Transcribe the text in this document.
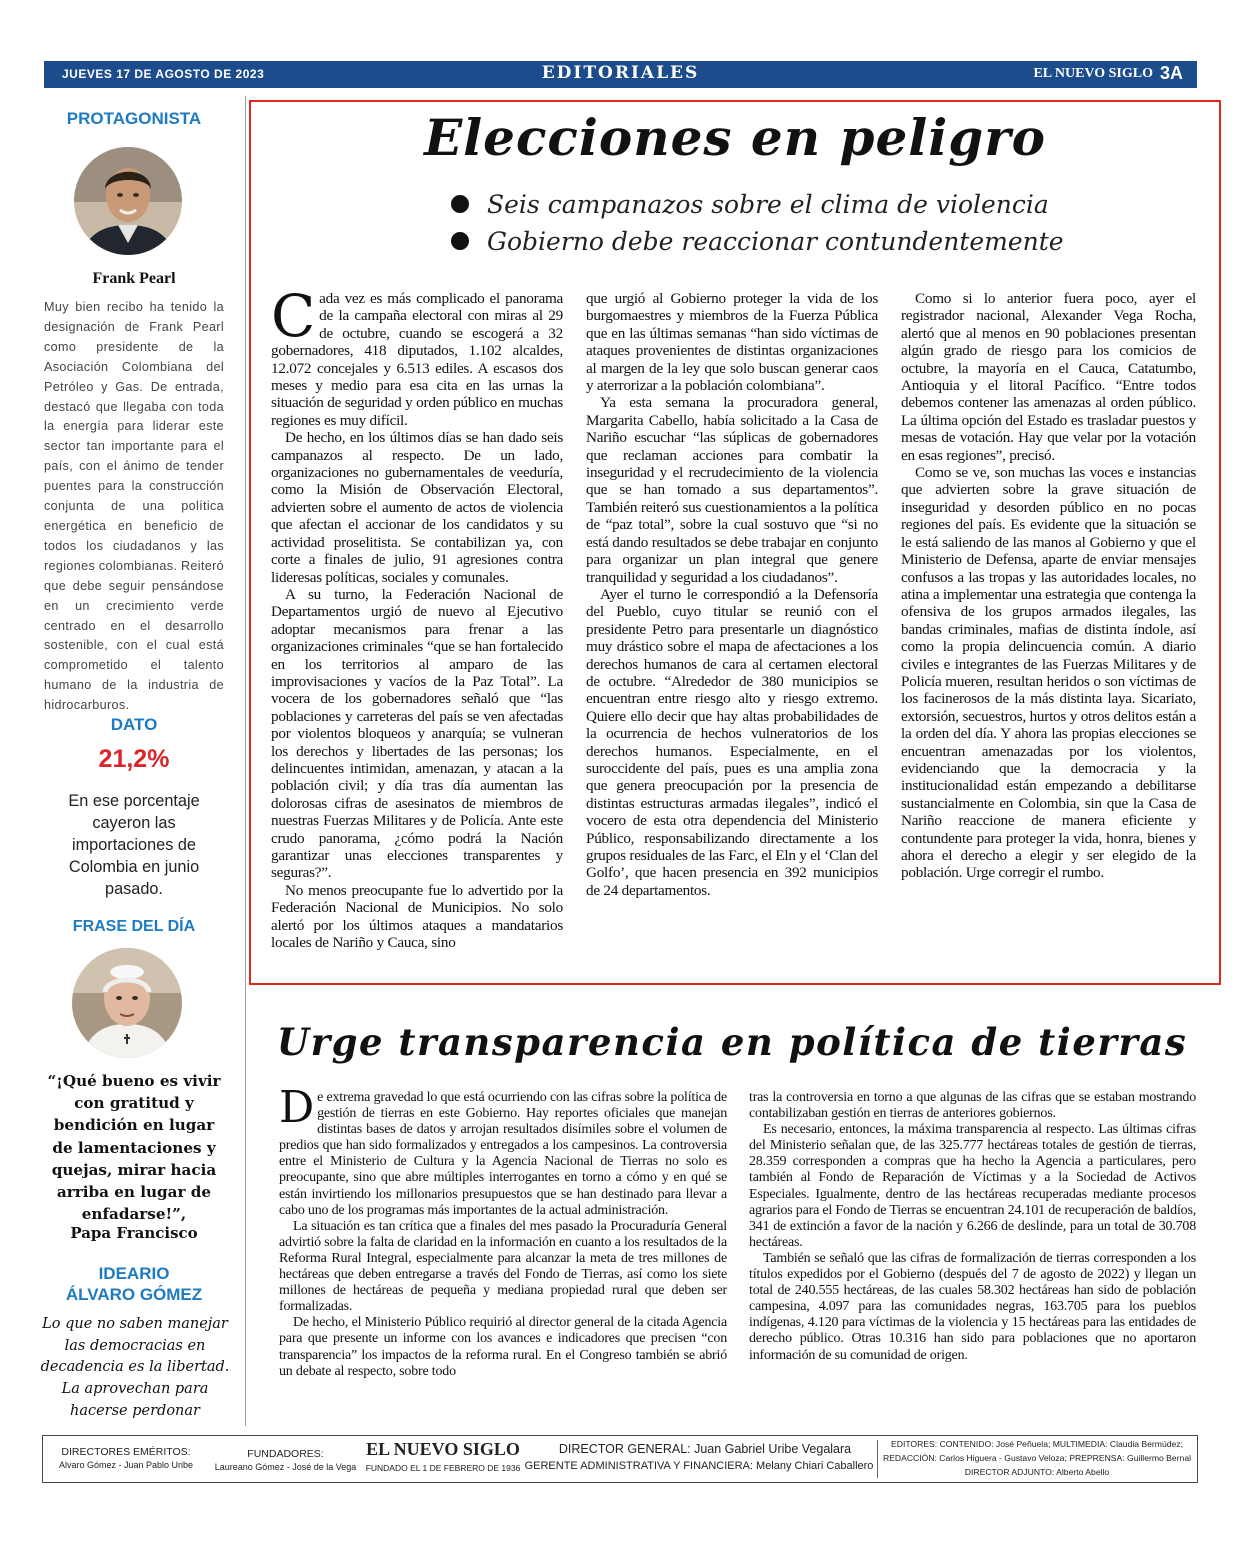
JUEVES 17 DE AGOSTO DE 2023	EDITORIALES	EL NUEVO SIGLO 3A
PROTAGONISTA
Frank Pearl
Muy bien recibo ha tenido la designación de Frank Pearl como presidente de la Asociación Colombiana del Petróleo y Gas. De entrada, destacó que llegaba con toda la energía para liderar este sector tan importante para el país, con el ánimo de tender puentes para la construcción conjunta de una política energética en beneficio de todos los ciudadanos y las regiones colombianas. Reiteró que debe seguir pensándose en un crecimiento verde centrado en el desarrollo sostenible, con el cual está comprometido el talento humano de la industria de hidrocarburos.
DATO
21,2%
En ese porcentaje cayeron las importaciones de Colombia en junio pasado.
FRASE DEL DÍA
“¡Qué bueno es vivir con gratitud y bendición en lugar de lamentaciones y quejas, mirar hacia arriba en lugar de enfadarse!”,
Papa Francisco
IDEARIO
ÁLVARO GÓMEZ
Lo que no saben manejar las democracias en decadencia es la libertad. La aprovechan para hacerse perdonar
Elecciones en peligro
Seis campanazos sobre el clima de violencia
Gobierno debe reaccionar contundentemente

Cada vez es más complicado el panorama de la campaña electoral con miras al 29 de octubre, cuando se escogerá a 32 gobernadores, 418 diputados, 1.102 alcaldes, 12.072 concejales y 6.513 ediles. A escasos dos meses y medio para esa cita en las urnas la situación de seguridad y orden público en muchas regiones es muy difícil.

De hecho, en los últimos días se han dado seis campanazos al respecto. De un lado, organizaciones no gubernamentales de veeduría, como la Misión de Observación Electoral, advierten sobre el aumento de actos de violencia que afectan el accionar de los candidatos y su actividad proselitista. Se contabilizan ya, con corte a finales de julio, 91 agresiones contra lideresas políticas, sociales y comunales.

A su turno, la Federación Nacional de Departamentos urgió de nuevo al Ejecutivo adoptar mecanismos para frenar a las organizaciones criminales “que se han fortalecido en los territorios al amparo de las improvisaciones y vacíos de la Paz Total”. La vocera de los gobernadores señaló que “las poblaciones y carreteras del país se ven afectadas por violentos bloqueos y anarquía; se vulneran los derechos y libertades de las personas; los delincuentes intimidan, amenazan, y atacan a la población civil; y día tras día aumentan las dolorosas cifras de asesinatos de miembros de nuestras Fuerzas Militares y de Policía. Ante este crudo panorama, ¿cómo podrá la Nación garantizar unas elecciones transparentes y seguras?”.

No menos preocupante fue lo advertido por la Federación Nacional de Municipios. No solo alertó por los últimos ataques a mandatarios locales de Nariño y Cauca, sino

que urgió al Gobierno proteger la vida de los burgomaestres y miembros de la Fuerza Pública que en las últimas semanas “han sido víctimas de ataques provenientes de distintas organizaciones al margen de la ley que solo buscan generar caos y aterrorizar a la población colombiana”.

Ya esta semana la procuradora general, Margarita Cabello, había solicitado a la Casa de Nariño escuchar “las súplicas de gobernadores que reclaman acciones para combatir la inseguridad y el recrudecimiento de la violencia que se han tomado a sus departamentos”. También reiteró sus cuestionamientos a la política de “paz total”, sobre la cual sostuvo que “si no está dando resultados se debe trabajar en conjunto para organizar un plan integral que genere tranquilidad y seguridad a los ciudadanos”.

Ayer el turno le correspondió a la Defensoría del Pueblo, cuyo titular se reunió con el presidente Petro para presentarle un diagnóstico muy drástico sobre el mapa de afectaciones a los derechos humanos de cara al certamen electoral de octubre. “Alrededor de 380 municipios se encuentran entre riesgo alto y riesgo extremo. Quiere ello decir que hay altas probabilidades de la ocurrencia de hechos vulneratorios de los derechos humanos. Especialmente, en el suroccidente del país, pues es una amplia zona que genera preocupación por la presencia de distintas estructuras armadas ilegales”, indicó el vocero de esta otra dependencia del Ministerio Público, responsabilizando directamente a los grupos residuales de las Farc, el Eln y el ‘Clan del Golfo’, que hacen presencia en 392 municipios de 24 departamentos.

Como si lo anterior fuera poco, ayer el registrador nacional, Alexander Vega Rocha, alertó que al menos en 90 poblaciones presentan algún grado de riesgo para los comicios de octubre, la mayoría en el Cauca, Catatumbo, Antioquia y el litoral Pacífico. “Entre todos debemos contener las amenazas al orden público. La última opción del Estado es trasladar puestos y mesas de votación. Hay que velar por la votación en esas regiones”, precisó.

Como se ve, son muchas las voces e instancias que advierten sobre la grave situación de inseguridad y desorden público en no pocas regiones del país. Es evidente que la situación se le está saliendo de las manos al Gobierno y que el Ministerio de Defensa, aparte de enviar mensajes confusos a las tropas y las autoridades locales, no atina a implementar una estrategia que contenga la ofensiva de los grupos armados ilegales, las bandas criminales, mafias de distinta índole, así como la propia delincuencia común. A diario civiles e integrantes de las Fuerzas Militares y de Policía mueren, resultan heridos o son víctimas de los facinerosos de la más distinta laya. Sicariato, extorsión, secuestros, hurtos y otros delitos están a la orden del día. Y ahora las propias elecciones se encuentran amenazadas por los violentos, evidenciando que la democracia y la institucionalidad están empezando a debilitarse sustancialmente en Colombia, sin que la Casa de Nariño reaccione de manera eficiente y contundente para proteger la vida, honra, bienes y ahora el derecho a elegir y ser elegido de la población. Urge corregir el rumbo.

Urge transparencia en política de tierras

De extrema gravedad lo que está ocurriendo con las cifras sobre la política de gestión de tierras en este Gobierno. Hay reportes oficiales que manejan distintas bases de datos y arrojan resultados disímiles sobre el volumen de predios que han sido formalizados y entregados a los campesinos. La controversia entre el Ministerio de Cultura y la Agencia Nacional de Tierras no solo es preocupante, sino que abre múltiples interrogantes en torno a cómo y en qué se están invirtiendo los millonarios presupuestos que se han destinado para llevar a cabo uno de los programas más importantes de la actual administración.

La situación es tan crítica que a finales del mes pasado la Procuraduría General advirtió sobre la falta de claridad en la información en cuanto a los resultados de la Reforma Rural Integral, especialmente para alcanzar la meta de tres millones de hectáreas que deben entregarse a través del Fondo de Tierras, así como los siete millones de hectáreas de pequeña y mediana propiedad rural que deben ser formalizadas.

De hecho, el Ministerio Público requirió al director general de la citada Agencia para que presente un informe con los avances e indicadores que precisen “con transparencia” los impactos de la reforma rural. En el Congreso también se abrió un debate al respecto, sobre todo

tras la controversia en torno a que algunas de las cifras que se estaban mostrando contabilizaban gestión en tierras de anteriores gobiernos.

Es necesario, entonces, la máxima transparencia al respecto. Las últimas cifras del Ministerio señalan que, de las 325.777 hectáreas totales de gestión de tierras, 28.359 corresponden a compras que ha hecho la Agencia a particulares, pero también al Fondo de Reparación de Víctimas y a la Sociedad de Activos Especiales. Igualmente, dentro de las hectáreas recuperadas mediante procesos agrarios para el Fondo de Tierras se encuentran 24.101 de recuperación de baldíos, 341 de extinción a favor de la nación y 6.266 de deslinde, para un total de 30.708 hectáreas.

También se señaló que las cifras de formalización de tierras corresponden a los títulos expedidos por el Gobierno (después del 7 de agosto de 2022) y llegan un total de 240.555 hectáreas, de las cuales 58.302 hectáreas han sido de población campesina, 4.097 para las comunidades negras, 163.705 para los pueblos indígenas, 4.120 para víctimas de la violencia y 15 hectáreas para las entidades de derecho público. Otras 10.316 han sido para poblaciones que no aportaron información de su comunidad de origen.

DIRECTORES EMÉRITOS:
Alvaro Gómez - Juan Pablo Uribe
FUNDADORES:
Laureano Gómez - José de la Vega
EL NUEVO SIGLO
FUNDADO EL 1 DE FEBRERO DE 1936
DIRECTOR GENERAL: Juan Gabriel Uribe Vegalara
GERENTE ADMINISTRATIVA Y FINANCIERA: Melany Chiari Caballero
EDITORES: CONTENIDO: José Peñuela; MULTIMEDIA: Claudia Bermúdez;
REDACCIÓN: Carlos Higuera - Gustavo Veloza; PREPRENSA: Guillermo Bernal
DIRECTOR ADJUNTO: Alberto Abello
